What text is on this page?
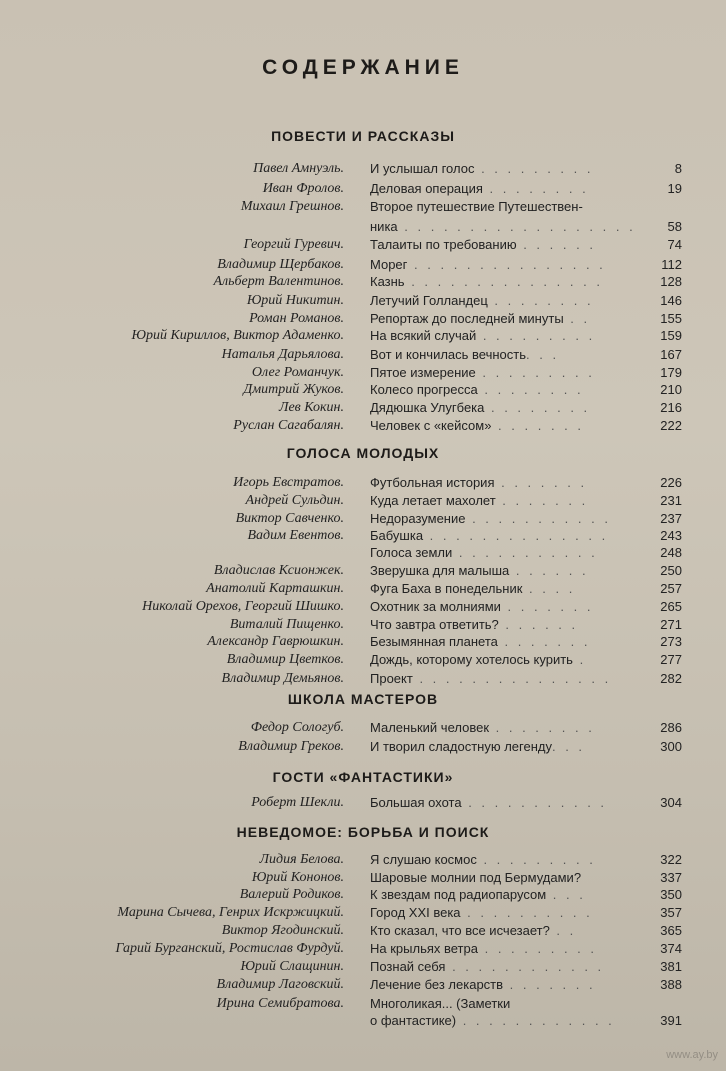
СОДЕРЖАНИЕ
ПОВЕСТИ И РАССКАЗЫ
ГОЛОСА МОЛОДЫХ
ШКОЛА МАСТЕРОВ
ГОСТИ «ФАНТАСТИКИ»
НЕВЕДОМОЕ: БОРЬБА И ПОИСК
Павел Амнуэль. И услышал голос . . . . . . . . .	8
Иван Фролов. Деловая операция . . . . . . . .	19
Михаил Грешнов. Второе путешествие Путешествен-
ника . . . . . . . . . . . . . . . . . . 58
Георгий Гуревич. Талаиты по требованию . . . . . .	74
Владимир Щербаков. Морег . . . . . . . . . . . . . . .	112
Альберт Валентинов. Казнь . . . . . . . . . . . . . . .	128
Юрий Никитин. Летучий Голландец . . . . . . . .	146
Роман Романов. Репортаж до последней минуты . .	155
Юрий Кириллов, Виктор Адаменко. На всякий случай . . . . . . . . .	159
Наталья Дарьялова. Вот и кончилась вечность. . .	167
Олег Романчук. Пятое измерение . . . . . . . . .	179
Дмитрий Жуков. Колесо прогресса . . . . . . . .	210
Лев Кокин. Дядюшка Улугбека . . . . . . . .	216
Руслан Сагабалян. Человек с «кейсом» . . . . . . .	222
Игорь Евстратов. Футбольная история . . . . . . .	226
Андрей Сульдин. Куда летает махолет . . . . . . .	231
Виктор Савченко. Недоразумение . . . . . . . . . . .	237
Вадим Евентов. Бабушка . . . . . . . . . . . . . .	243
Голоса земли . . . . . . . . . . .	248
Владислав Ксионжек. Зверушка для малыша . . . . . .	250
Анатолий Карташкин. Фуга Баха в понедельник . . . .	257
Николай Орехов, Георгий Шишко. Охотник за молниями . . . . . . .	265
Виталий Пищенко. Что завтра ответить? . . . . . .	271
Александр Гаврюшкин. Безымянная планета . . . . . . .	273
Владимир Цветков. Дождь, которому хотелось курить .	277
Владимир Демьянов. Проект . . . . . . . . . . . . . . .	282
Федор Сологуб. Маленький человек . . . . . . . .	286
Владимир Греков. И творил сладостную легенду. . .	300
Роберт Шекли. Большая охота . . . . . . . . . . .	304
Лидия Белова. Я слушаю космос . . . . . . . . .	322
Юрий Кононов. Шаровые молнии под Бермудами?	337
Валерий Родиков. К звездам под радиопарусом . . .	350
Марина Сычева, Генрих Искржицкий. Город XXI века . . . . . . . . . .	357
Виктор Ягодинский. Кто сказал, что все исчезает? . .	365
Гарий Бурганский, Ростислав Фурдуй. На крыльях ветра . . . . . . . . .	374
Юрий Слащинин. Познай себя . . . . . . . . . . . .	381
Владимир Лаговский. Лечение без лекарств . . . . . . .	388
Ирина Семибратова. Многоликая... (Заметки
о фантастике) . . . . . . . . . . . .	391
www.ay.by
